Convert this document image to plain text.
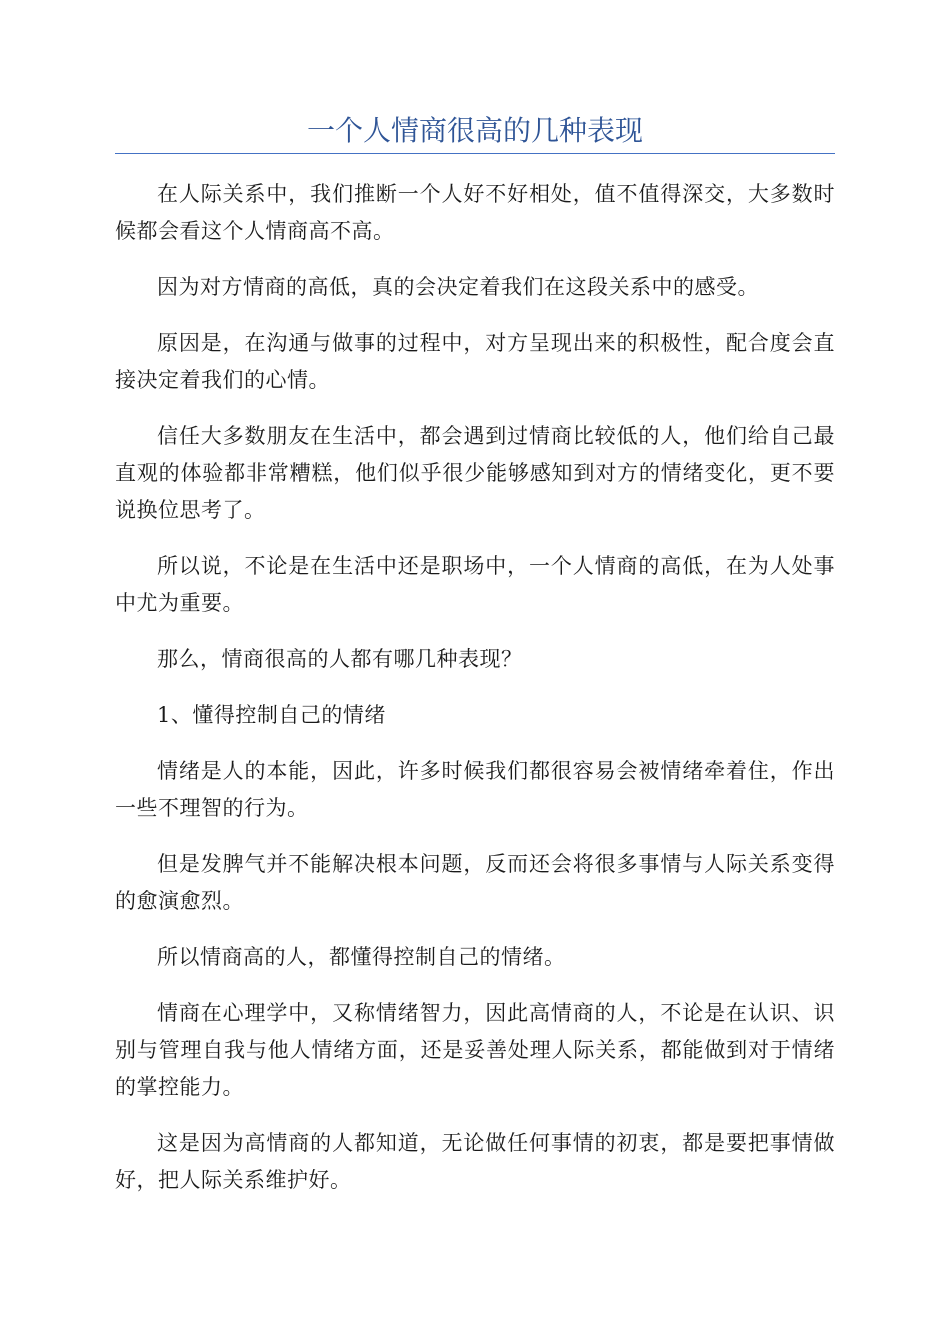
一个人情商很高的几种表现

在人际关系中，我们推断一个人好不好相处，值不值得深交，大多数时候都会看这个人情商高不高。

因为对方情商的高低，真的会决定着我们在这段关系中的感受。

原因是，在沟通与做事的过程中，对方呈现出来的积极性，配合度会直接决定着我们的心情。

信任大多数朋友在生活中，都会遇到过情商比较低的人，他们给自己最直观的体验都非常糟糕，他们似乎很少能够感知到对方的情绪变化，更不要说换位思考了。

所以说，不论是在生活中还是职场中，一个人情商的高低，在为人处事中尤为重要。

那么，情商很高的人都有哪几种表现？

1、懂得控制自己的情绪

情绪是人的本能，因此，许多时候我们都很容易会被情绪牵着住，作出一些不理智的行为。

但是发脾气并不能解决根本问题，反而还会将很多事情与人际关系变得的愈演愈烈。

所以情商高的人，都懂得控制自己的情绪。

情商在心理学中，又称情绪智力，因此高情商的人，不论是在认识、识别与管理自我与他人情绪方面，还是妥善处理人际关系，都能做到对于情绪的掌控能力。

这是因为高情商的人都知道，无论做任何事情的初衷，都是要把事情做好，把人际关系维护好。
